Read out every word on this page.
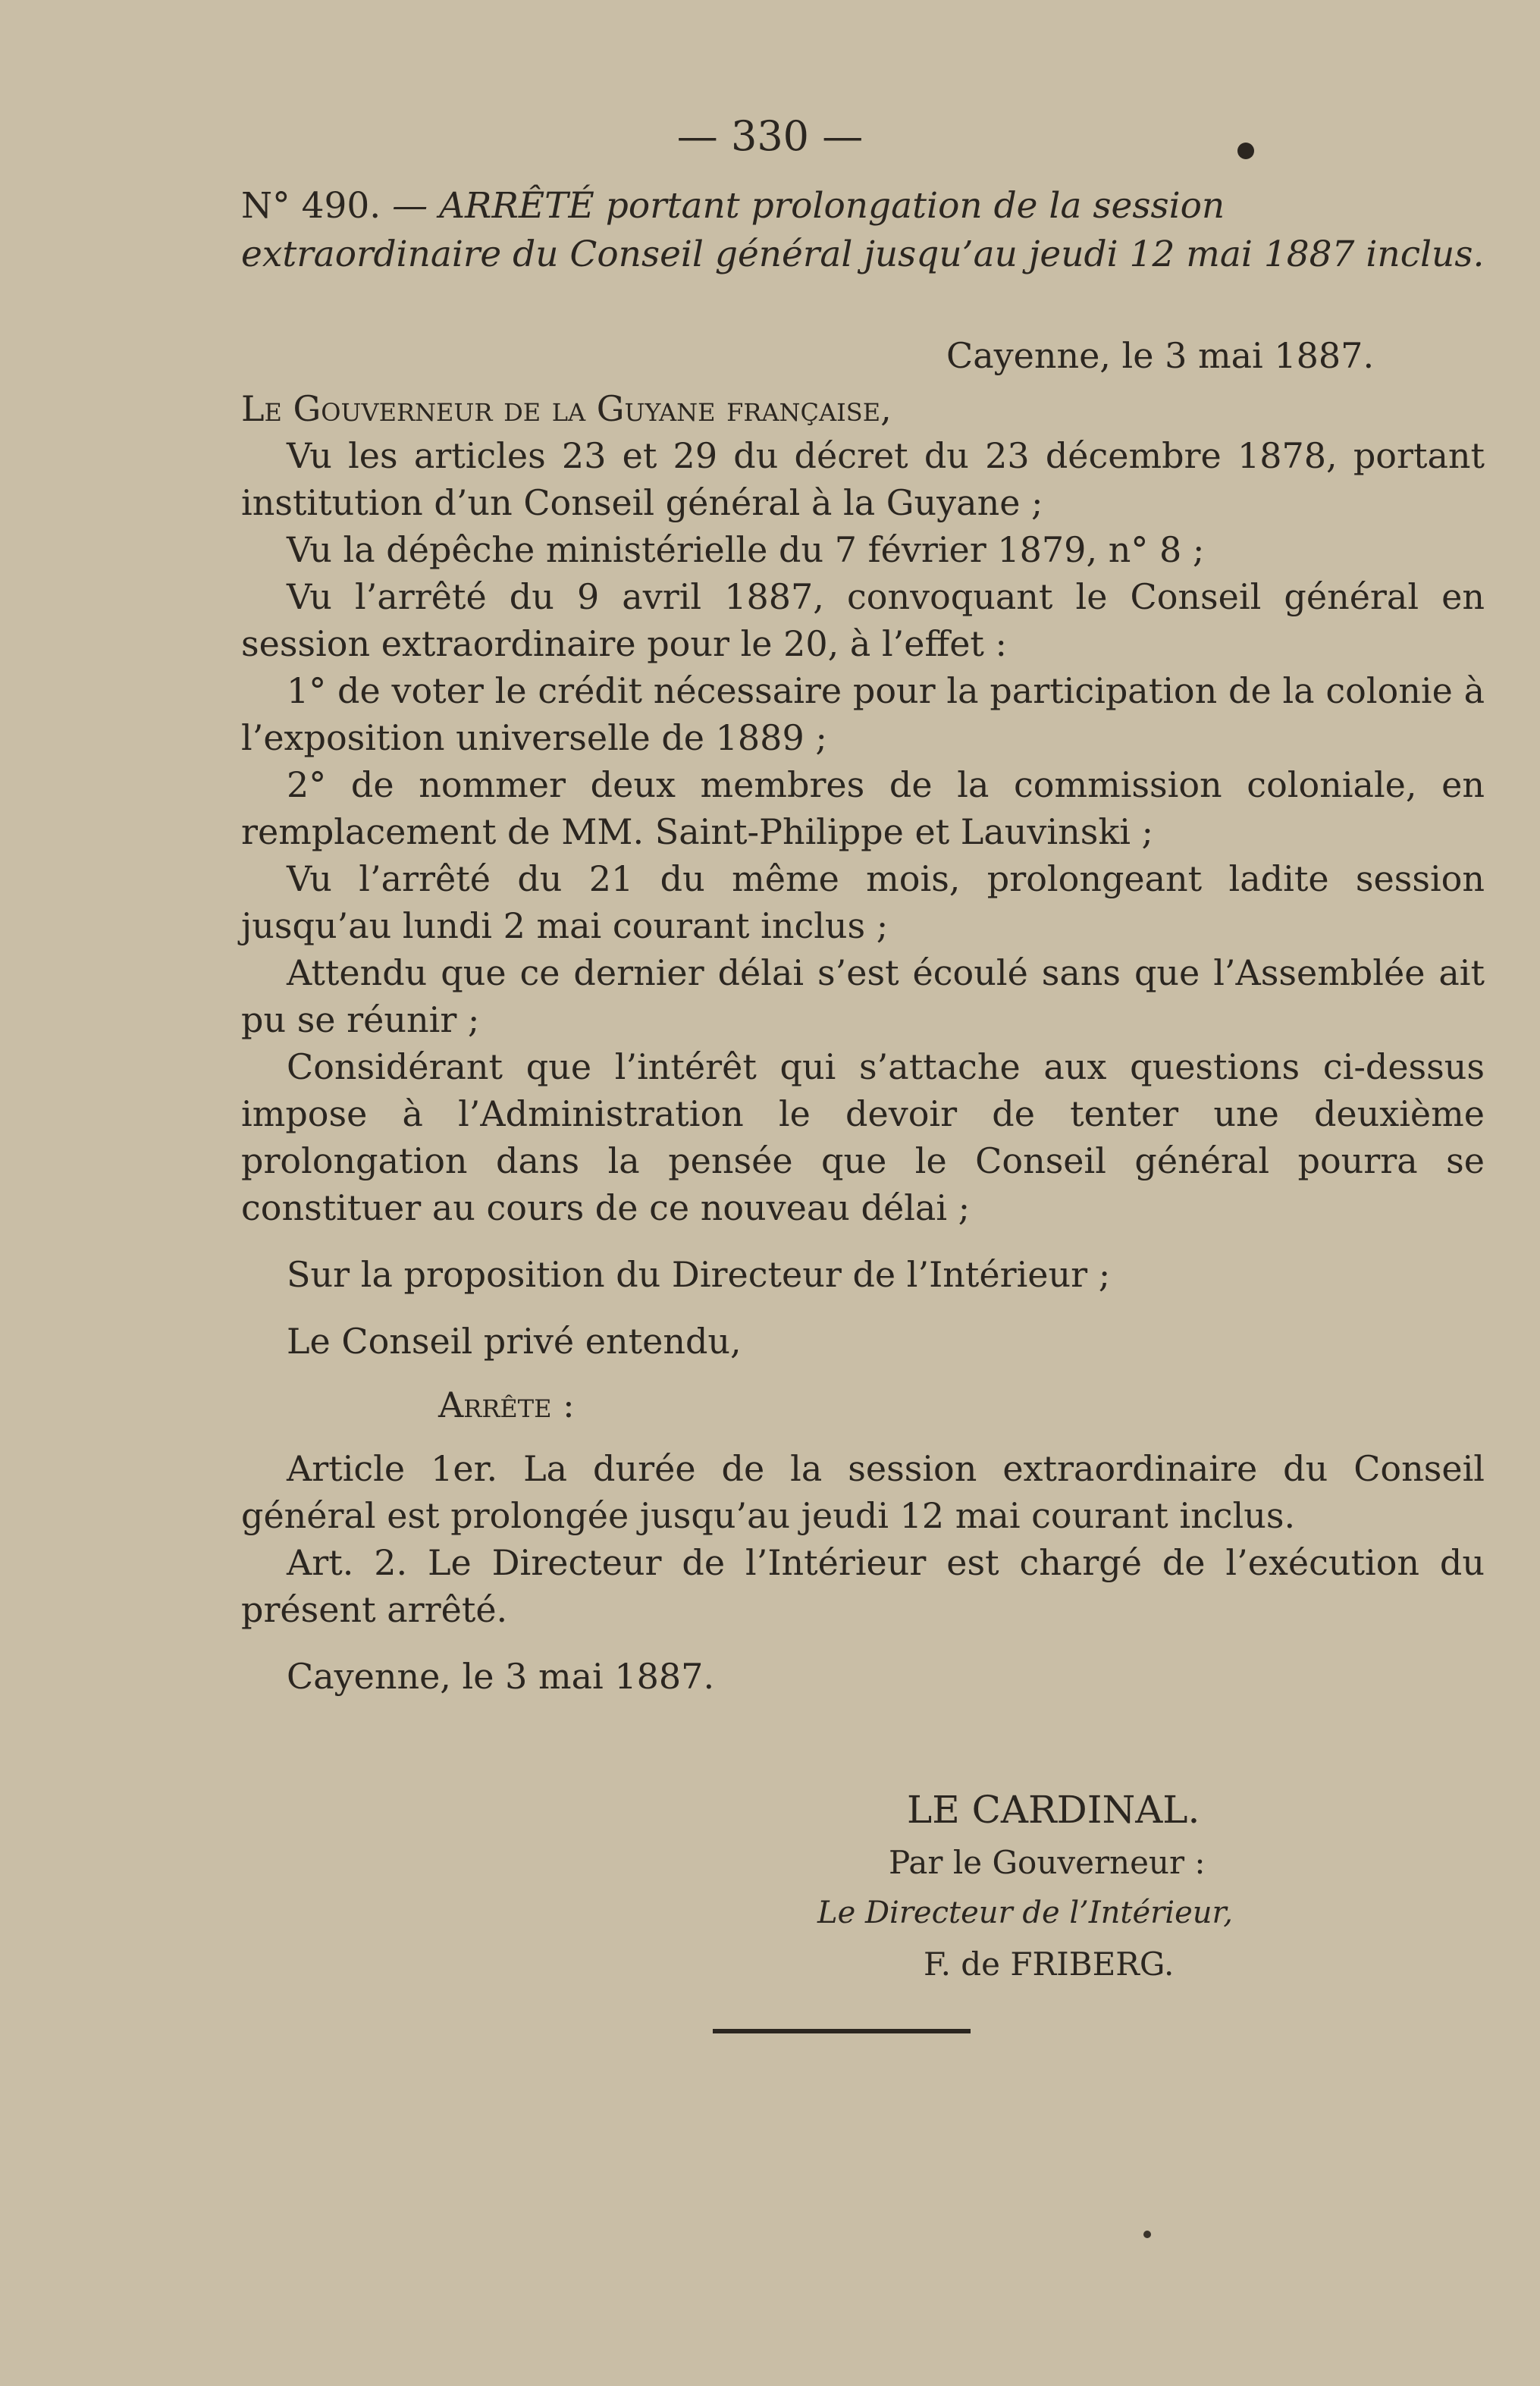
— 330 —
N° 490. — ARRÊTÉ portant prolongation de la session extraordinaire du Conseil général jusqu’au jeudi 12 mai 1887 inclus.
Cayenne, le 3 mai 1887.

Le Gouverneur de la Guyane française,

Vu les articles 23 et 29 du décret du 23 décembre 1878, portant institution d’un Conseil général à la Guyane ;

Vu la dépêche ministérielle du 7 février 1879, n° 8 ;

Vu l’arrêté du 9 avril 1887, convoquant le Conseil général en session extraordinaire pour le 20, à l’effet :

1° de voter le crédit nécessaire pour la participation de la colonie à l’exposition universelle de 1889 ;

2° de nommer deux membres de la commission coloniale, en remplacement de MM. Saint-Philippe et Lauvinski ;

Vu l’arrêté du 21 du même mois, prolongeant ladite session jusqu’au lundi 2 mai courant inclus ;

Attendu que ce dernier délai s’est écoulé sans que l’Assemblée ait pu se réunir ;

Considérant que l’intérêt qui s’attache aux questions ci-dessus impose à l’Administration le devoir de tenter une deuxième prolongation dans la pensée que le Conseil général pourra se constituer au cours de ce nouveau délai ;

Sur la proposition du Directeur de l’Intérieur ;

Le Conseil privé entendu,

Arrête :

Article 1er. La durée de la session extraordinaire du Conseil général est prolongée jusqu’au jeudi 12 mai courant inclus.

Art. 2. Le Directeur de l’Intérieur est chargé de l’exécution du présent arrêté.

Cayenne, le 3 mai 1887.

LE CARDINAL.
Par le Gouverneur :
Le Directeur de l’Intérieur,
F. de FRIBERG.
